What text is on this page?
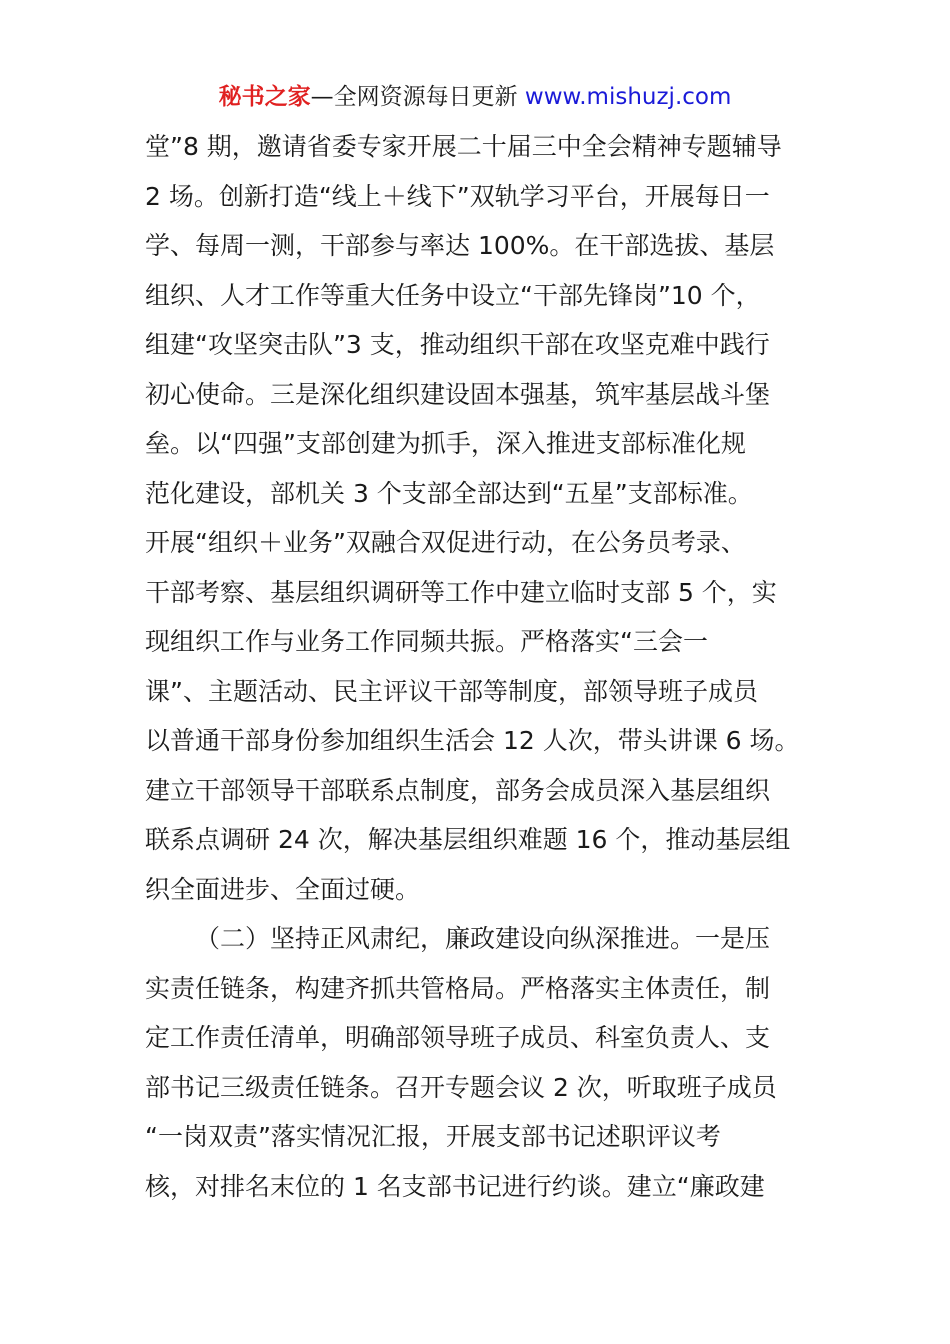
秘书之家—全网资源每日更新 www.mishuzj.com
堂”8 期，邀请省委专家开展二十届三中全会精神专题辅导
2 场。创新打造“线上＋线下”双轨学习平台，开展每日一
学、每周一测，干部参与率达 100%。在干部选拔、基层
组织、人才工作等重大任务中设立“干部先锋岗”10 个，
组建“攻坚突击队”3 支，推动组织干部在攻坚克难中践行
初心使命。三是深化组织建设固本强基，筑牢基层战斗堡
垒。以“四强”支部创建为抓手，深入推进支部标准化规
范化建设，部机关 3 个支部全部达到“五星”支部标准。
开展“组织＋业务”双融合双促进行动，在公务员考录、
干部考察、基层组织调研等工作中建立临时支部 5 个，实
现组织工作与业务工作同频共振。严格落实“三会一
课”、主题活动、民主评议干部等制度，部领导班子成员
以普通干部身份参加组织生活会 12 人次，带头讲课 6 场。
建立干部领导干部联系点制度，部务会成员深入基层组织
联系点调研 24 次，解决基层组织难题 16 个，推动基层组
织全面进步、全面过硬。
（二）坚持正风肃纪，廉政建设向纵深推进。一是压
实责任链条，构建齐抓共管格局。严格落实主体责任，制
定工作责任清单，明确部领导班子成员、科室负责人、支
部书记三级责任链条。召开专题会议 2 次，听取班子成员
“一岗双责”落实情况汇报，开展支部书记述职评议考
核，对排名末位的 1 名支部书记进行约谈。建立“廉政建
